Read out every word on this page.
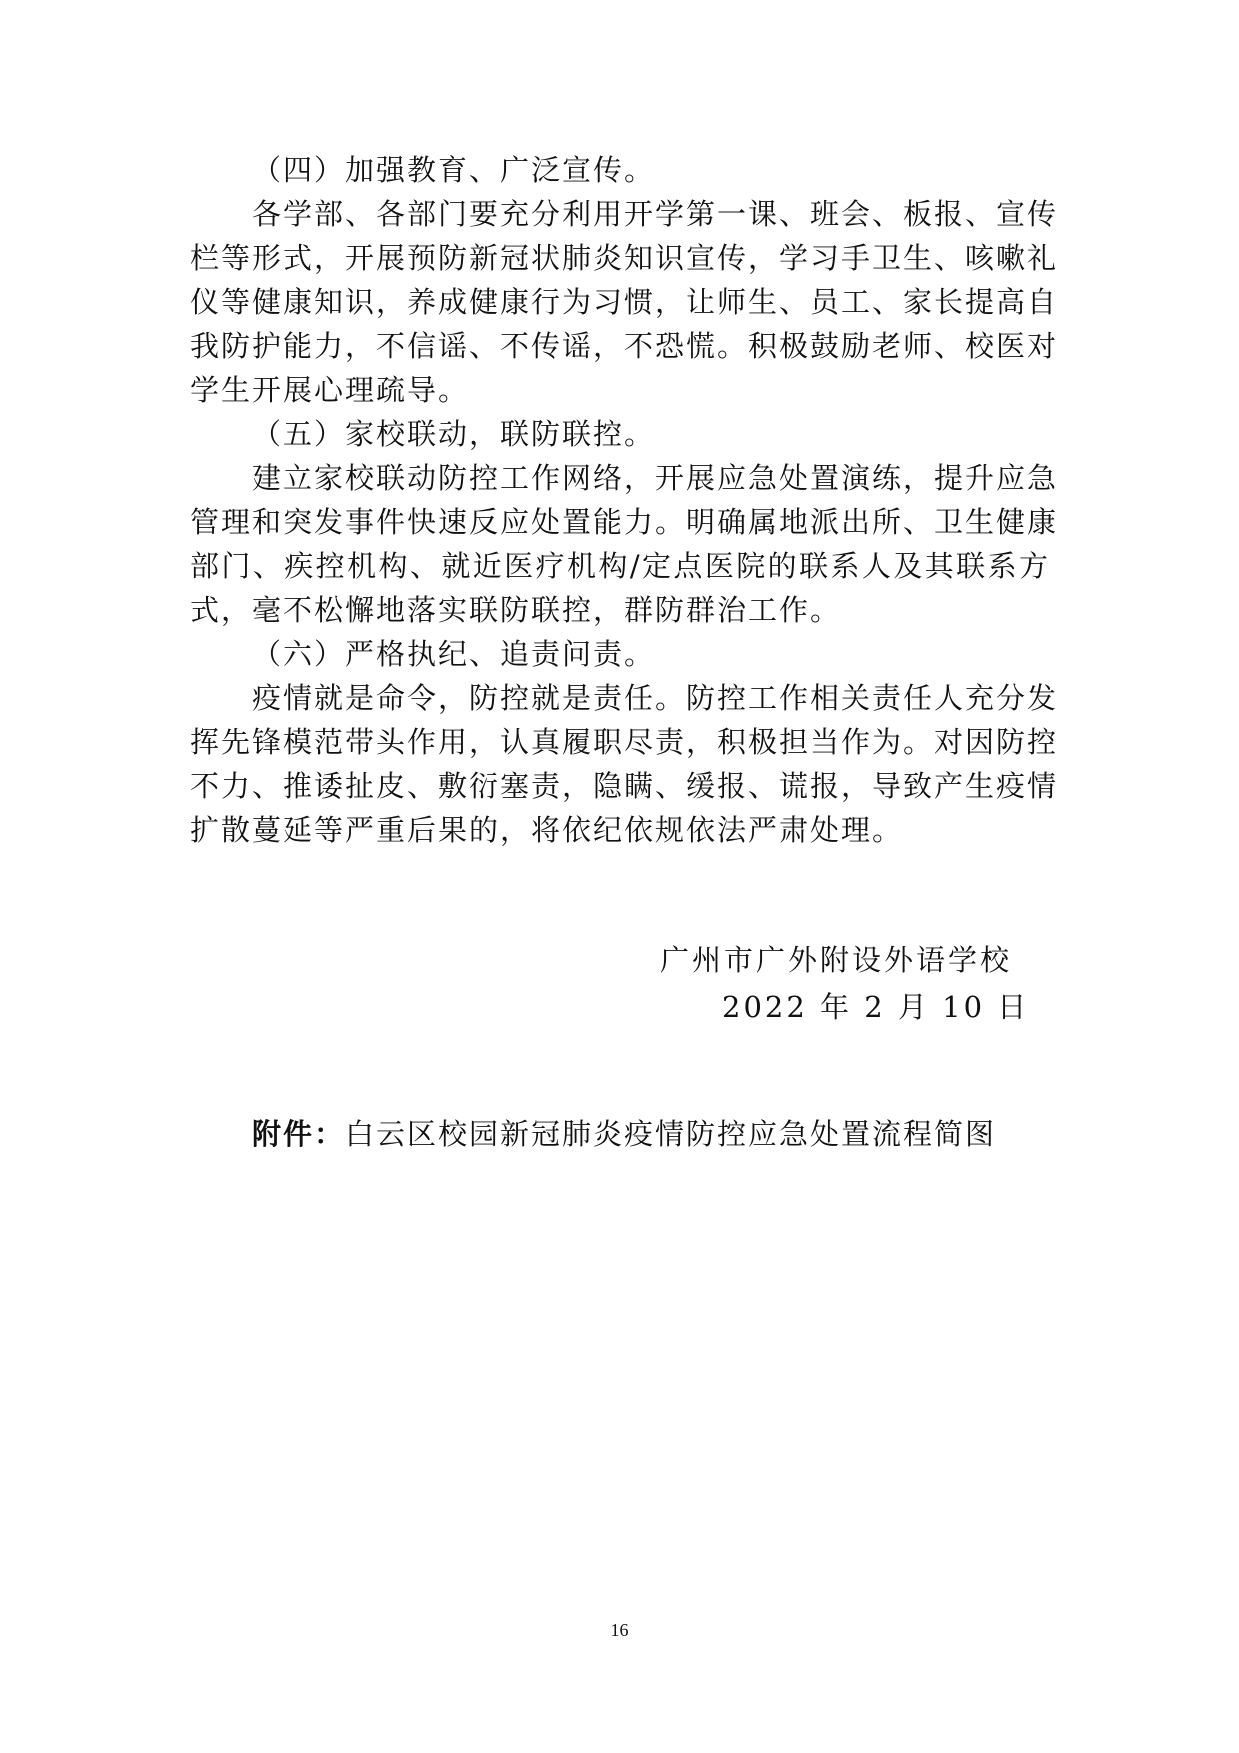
（四）加强教育、广泛宣传。
各学部、各部门要充分利用开学第一课、班会、板报、宣传
栏等形式，开展预防新冠状肺炎知识宣传，学习手卫生、咳嗽礼
仪等健康知识，养成健康行为习惯，让师生、员工、家长提高自
我防护能力，不信谣、不传谣，不恐慌。积极鼓励老师、校医对
学生开展心理疏导。
（五）家校联动，联防联控。
建立家校联动防控工作网络，开展应急处置演练，提升应急
管理和突发事件快速反应处置能力。明确属地派出所、卫生健康
部门、疾控机构、就近医疗机构/定点医院的联系人及其联系方
式，毫不松懈地落实联防联控，群防群治工作。
（六）严格执纪、追责问责。
疫情就是命令，防控就是责任。防控工作相关责任人充分发
挥先锋模范带头作用，认真履职尽责，积极担当作为。对因防控
不力、推诿扯皮、敷衍塞责，隐瞒、缓报、谎报，导致产生疫情
扩散蔓延等严重后果的，将依纪依规依法严肃处理。
广州市广外附设外语学校
2022 年 2 月 10 日
附件：白云区校园新冠肺炎疫情防控应急处置流程简图
16
